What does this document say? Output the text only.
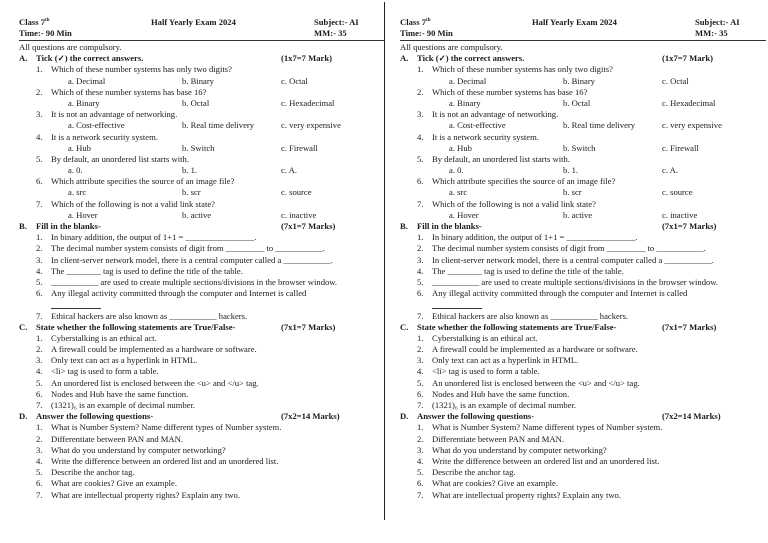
Class 7th	Half Yearly Exam 2024	Subject:- AI
Time:- 90 Min	MM:- 35
All questions are compulsory.
A. Tick (✓) the correct answers.	(1x7=7 Mark)
1. Which of these number systems has only two digits?
a. Decimal	b. Binary	c. Octal
2. Which of these number systems has base 16?
a. Binary	b. Octal	c. Hexadecimal
3. It is not an advantage of networking.
a. Cost-effective	b. Real time delivery	c. very expensive
4. It is a network security system.
a. Hub	b. Switch	c. Firewall
5. By default, an unordered list starts with.
a. 0.	b. 1.	c. A.
6. Which attribute specifies the source of an image file?
a. src	b. scr	c. source
7. Which of the following is not a valid link state?
a. Hover	b. active	c. inactive
B. Fill in the blanks-	(7x1=7 Marks)
1. In binary addition, the output of 1+1 = ________________.
2. The decimal number system consists of digit from _________ to ___________.
3. In client-server network model, there is a central computer called a ___________.
4. The ________ tag is used to define the title of the table.
5. ___________ are used to create multiple sections/divisions in the browser window.
6. Any illegal activity committed through the computer and Internet is called
7. Ethical hackers are also known as ___________ hackers.
C. State whether the following statements are True/False-	(7x1=7 Marks)
1. Cyberstalking is an ethical act.
2. A firewall could be implemented as a hardware or software.
3. Only text can act as a hyperlink in HTML.
4. <li> tag is used to form a table.
5. An unordered list is enclosed between the <u> and </u> tag.
6. Nodes and Hub have the same function.
7. (1321)₆ is an example of decimal number.
D. Answer the following questions-	(7x2=14 Marks)
1. What is Number System? Name different types of Number system.
2. Differentiate between PAN and MAN.
3. What do you understand by computer networking?
4. Write the difference between an ordered list and an unordered list.
5. Describe the anchor tag.
6. What are cookies? Give an example.
7. What are intellectual property rights? Explain any two.
Class 7th	Half Yearly Exam 2024	Subject:- AI
Time:- 90 Min	MM:- 35
All questions are compulsory.
A. Tick (✓) the correct answers.	(1x7=7 Mark)
1. Which of these number systems has only two digits?
a. Decimal	b. Binary	c. Octal
2. Which of these number systems has base 16?
a. Binary	b. Octal	c. Hexadecimal
3. It is not an advantage of networking.
a. Cost-effective	b. Real time delivery	c. very expensive
4. It is a network security system.
a. Hub	b. Switch	c. Firewall
5. By default, an unordered list starts with.
a. 0.	b. 1.	c. A.
6. Which attribute specifies the source of an image file?
a. src	b. scr	c. source
7. Which of the following is not a valid link state?
a. Hover	b. active	c. inactive
B. Fill in the blanks-	(7x1=7 Marks)
1. In binary addition, the output of 1+1 = ________________.
2. The decimal number system consists of digit from _________ to ___________.
3. In client-server network model, there is a central computer called a ___________.
4. The ________ tag is used to define the title of the table.
5. ___________ are used to create multiple sections/divisions in the browser window.
6. Any illegal activity committed through the computer and Internet is called
7. Ethical hackers are also known as ___________ hackers.
C. State whether the following statements are True/False-	(7x1=7 Marks)
1. Cyberstalking is an ethical act.
2. A firewall could be implemented as a hardware or software.
3. Only text can act as a hyperlink in HTML.
4. <li> tag is used to form a table.
5. An unordered list is enclosed between the <u> and </u> tag.
6. Nodes and Hub have the same function.
7. (1321)₆ is an example of decimal number.
D. Answer the following questions-	(7x2=14 Marks)
1. What is Number System? Name different types of Number system.
2. Differentiate between PAN and MAN.
3. What do you understand by computer networking?
4. Write the difference between an ordered list and an unordered list.
5. Describe the anchor tag.
6. What are cookies? Give an example.
7. What are intellectual property rights? Explain any two.
